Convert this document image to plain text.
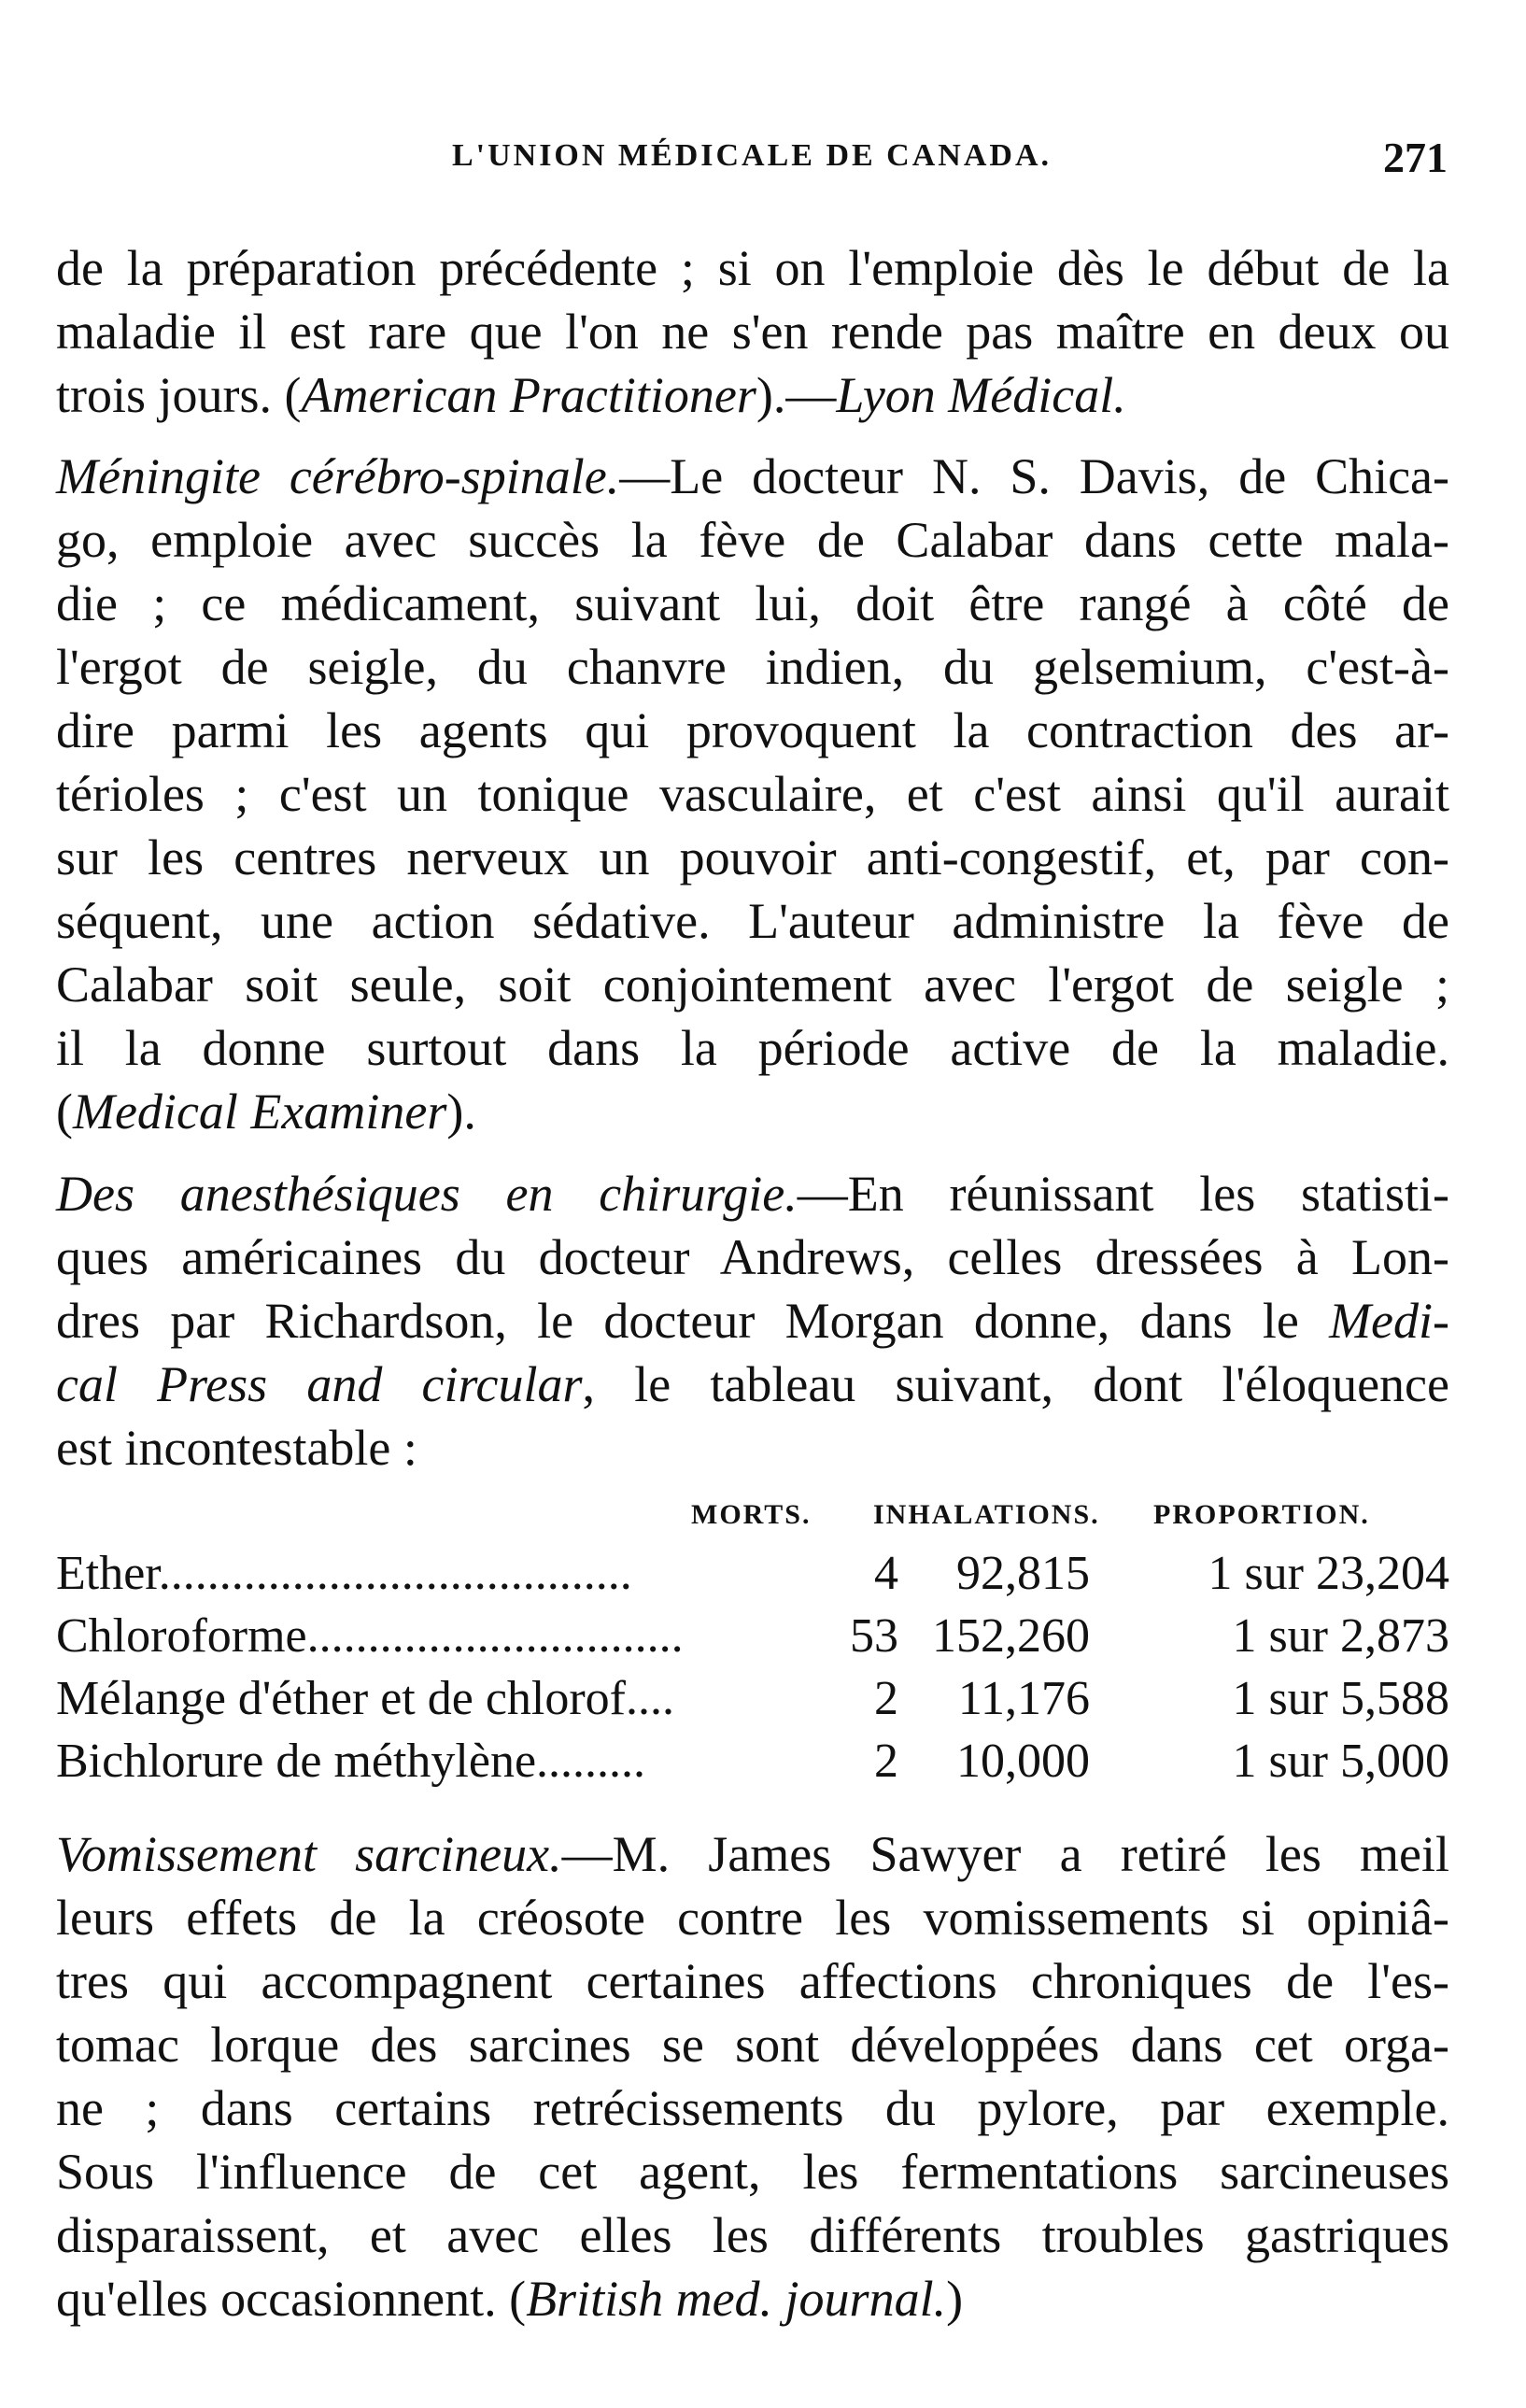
L'UNION MÉDICALE DE CANADA.	271
de la préparation précédente ; si on l'emploie dès le début de la
maladie il est rare que l'on ne s'en rende pas maître en deux ou
trois jours. (American Practitioner).—Lyon Médical.
Méningite cérébro-spinale.—Le docteur N. S. Davis, de Chica-
go, emploie avec succès la fève de Calabar dans cette mala-
die ; ce médicament, suivant lui, doit être rangé à côté de
l'ergot de seigle, du chanvre indien, du gelsemium, c'est-à-
dire parmi les agents qui provoquent la contraction des ar-
térioles ; c'est un tonique vasculaire, et c'est ainsi qu'il aurait
sur les centres nerveux un pouvoir anti-congestif, et, par con-
séquent, une action sédative. L'auteur administre la fève de
Calabar soit seule, soit conjointement avec l'ergot de seigle ;
il la donne surtout dans la période active de la maladie.
(Medical Examiner).
Des anesthésiques en chirurgie.—En réunissant les statisti-
ques américaines du docteur Andrews, celles dressées à Lon-
dres par Richardson, le docteur Morgan donne, dans le Medi-
cal Press and circular, le tableau suivant, dont l'éloquence
est incontestable :
MORTS. INHALATIONS. PROPORTION.
Ether.......................................	4 92,815 1 sur 23,204
Chloroforme...............................	53 152,260	1 sur 2,873
Mélange d'éther et de chlorof....	2 11,176	1 sur 5,588
Bichlorure de méthylène.........	2 10,000	1 sur 5,000
Vomissement sarcineux.—M. James Sawyer a retiré les meil
leurs effets de la créosote contre les vomissements si opiniâ-
tres qui accompagnent certaines affections chroniques de l'es-
tomac lorque des sarcines se sont développées dans cet orga-
ne ; dans certains retrécissements du pylore, par exemple.
Sous l'influence de cet agent, les fermentations sarcineuses
disparaissent, et avec elles les différents troubles gastriques
qu'elles occasionnent. (British med. journal.)
